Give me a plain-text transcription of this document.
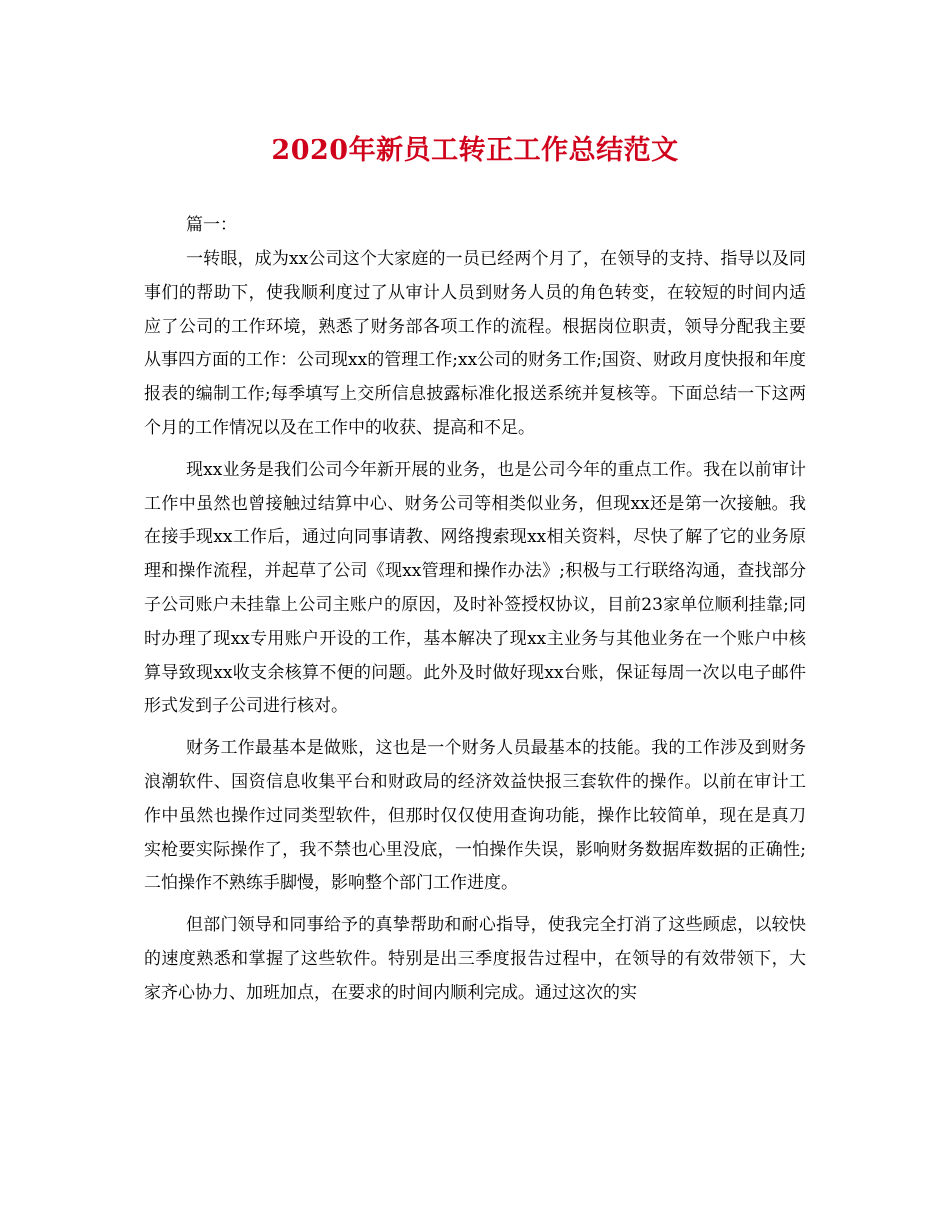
2020年新员工转正工作总结范文

篇一：

一转眼，成为xx公司这个大家庭的一员已经两个月了，在领导的支持、指导以及同事们的帮助下，使我顺利度过了从审计人员到财务人员的角色转变，在较短的时间内适应了公司的工作环境，熟悉了财务部各项工作的流程。根据岗位职责，领导分配我主要从事四方面的工作：公司现xx的管理工作;xx公司的财务工作;国资、财政月度快报和年度报表的编制工作;每季填写上交所信息披露标准化报送系统并复核等。下面总结一下这两个月的工作情况以及在工作中的收获、提高和不足。

现xx业务是我们公司今年新开展的业务，也是公司今年的重点工作。我在以前审计工作中虽然也曾接触过结算中心、财务公司等相类似业务，但现xx还是第一次接触。我在接手现xx工作后，通过向同事请教、网络搜索现xx相关资料，尽快了解了它的业务原理和操作流程，并起草了公司《现xx管理和操作办法》;积极与工行联络沟通，查找部分子公司账户未挂靠上公司主账户的原因，及时补签授权协议，目前23家单位顺利挂靠;同时办理了现xx专用账户开设的工作，基本解决了现xx主业务与其他业务在一个账户中核算导致现xx收支余核算不便的问题。此外及时做好现xx台账，保证每周一次以电子邮件形式发到子公司进行核对。

财务工作最基本是做账，这也是一个财务人员最基本的技能。我的工作涉及到财务浪潮软件、国资信息收集平台和财政局的经济效益快报三套软件的操作。以前在审计工作中虽然也操作过同类型软件，但那时仅仅使用查询功能，操作比较简单，现在是真刀实枪要实际操作了，我不禁也心里没底，一怕操作失误，影响财务数据库数据的正确性;二怕操作不熟练手脚慢，影响整个部门工作进度。

但部门领导和同事给予的真挚帮助和耐心指导，使我完全打消了这些顾虑，以较快的速度熟悉和掌握了这些软件。特别是出三季度报告过程中，在领导的有效带领下，大家齐心协力、加班加点，在要求的时间内顺利完成。通过这次的实
